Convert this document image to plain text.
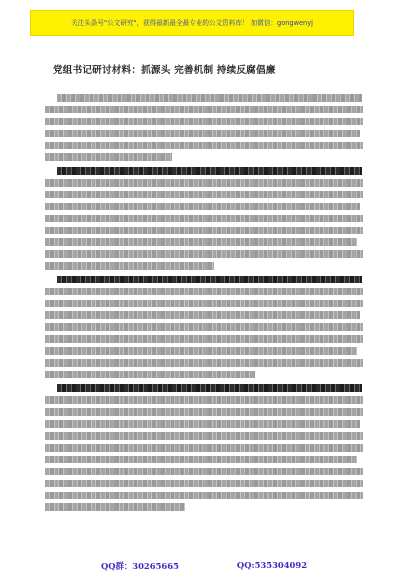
关注头条号"公文研究"，获得最新最全最专业的公文资料库！ 加微信：gongwenyj
党组书记研讨材料：抓源头 完善机制 持续反腐倡廉
QQ群：30265665	QQ:535304092
